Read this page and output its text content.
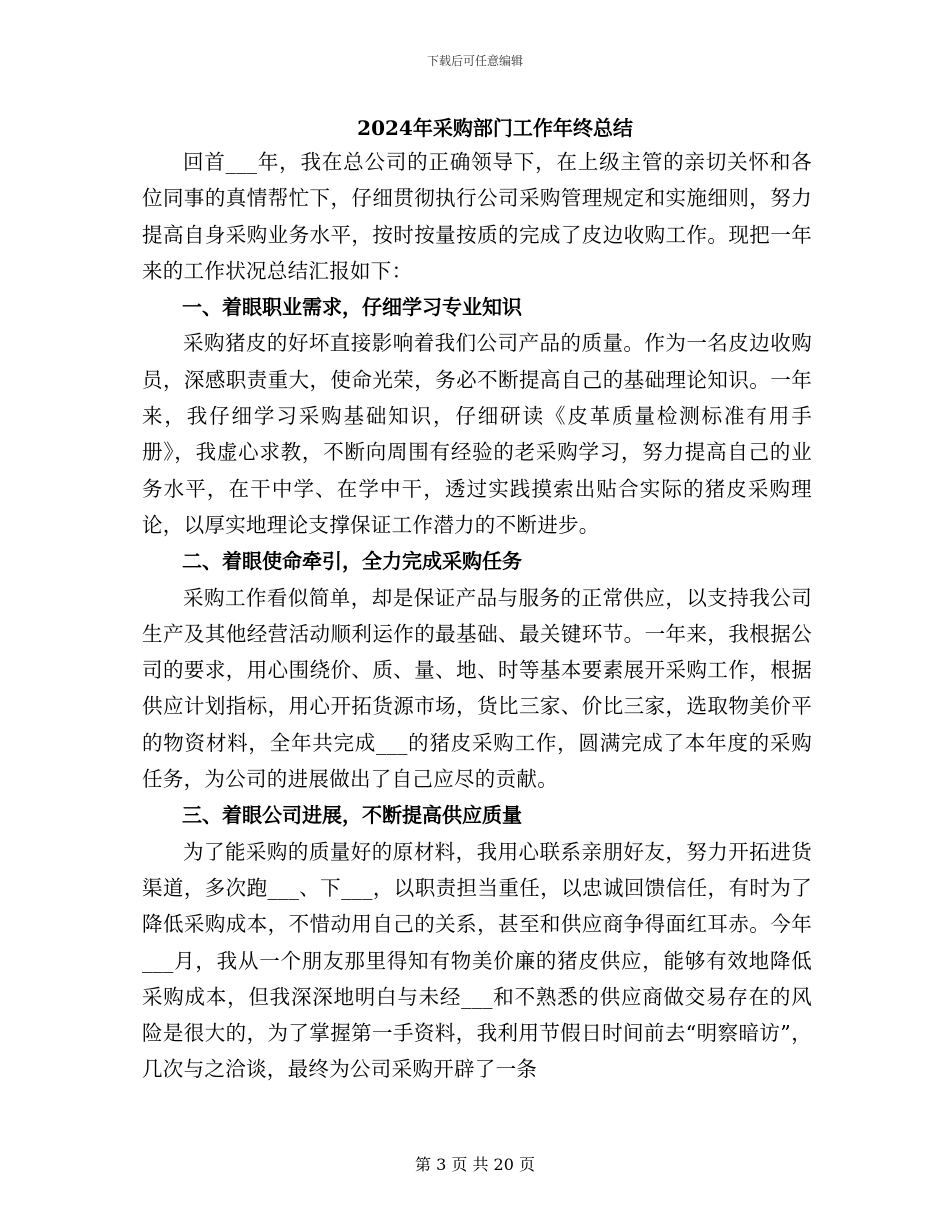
下载后可任意编辑
2024年采购部门工作年终总结

回首___年，我在总公司的正确领导下，在上级主管的亲切关怀和各位同事的真情帮忙下，仔细贯彻执行公司采购管理规定和实施细则，努力提高自身采购业务水平，按时按量按质的完成了皮边收购工作。现把一年来的工作状况总结汇报如下：

一、着眼职业需求，仔细学习专业知识

采购猪皮的好坏直接影响着我们公司产品的质量。作为一名皮边收购员，深感职责重大，使命光荣，务必不断提高自己的基础理论知识。一年来，我仔细学习采购基础知识，仔细研读《皮革质量检测标准有用手册》，我虚心求教，不断向周围有经验的老采购学习，努力提高自己的业务水平，在干中学、在学中干，透过实践摸索出贴合实际的猪皮采购理论，以厚实地理论支撑保证工作潜力的不断进步。

二、着眼使命牵引，全力完成采购任务

采购工作看似简单，却是保证产品与服务的正常供应，以支持我公司生产及其他经营活动顺利运作的最基础、最关键环节。一年来，我根据公司的要求，用心围绕价、质、量、地、时等基本要素展开采购工作，根据供应计划指标，用心开拓货源市场，货比三家、价比三家，选取物美价平的物资材料，全年共完成___的猪皮采购工作，圆满完成了本年度的采购任务，为公司的进展做出了自己应尽的贡献。

三、着眼公司进展，不断提高供应质量

为了能采购的质量好的原材料，我用心联系亲朋好友，努力开拓进货渠道，多次跑___、下___，以职责担当重任，以忠诚回馈信任，有时为了降低采购成本，不惜动用自己的关系，甚至和供应商争得面红耳赤。今年___月，我从一个朋友那里得知有物美价廉的猪皮供应，能够有效地降低采购成本，但我深深地明白与未经___和不熟悉的供应商做交易存在的风险是很大的，为了掌握第一手资料，我利用节假日时间前去“明察暗访”，几次与之洽谈，最终为公司采购开辟了一条

第 3 页 共 20 页
